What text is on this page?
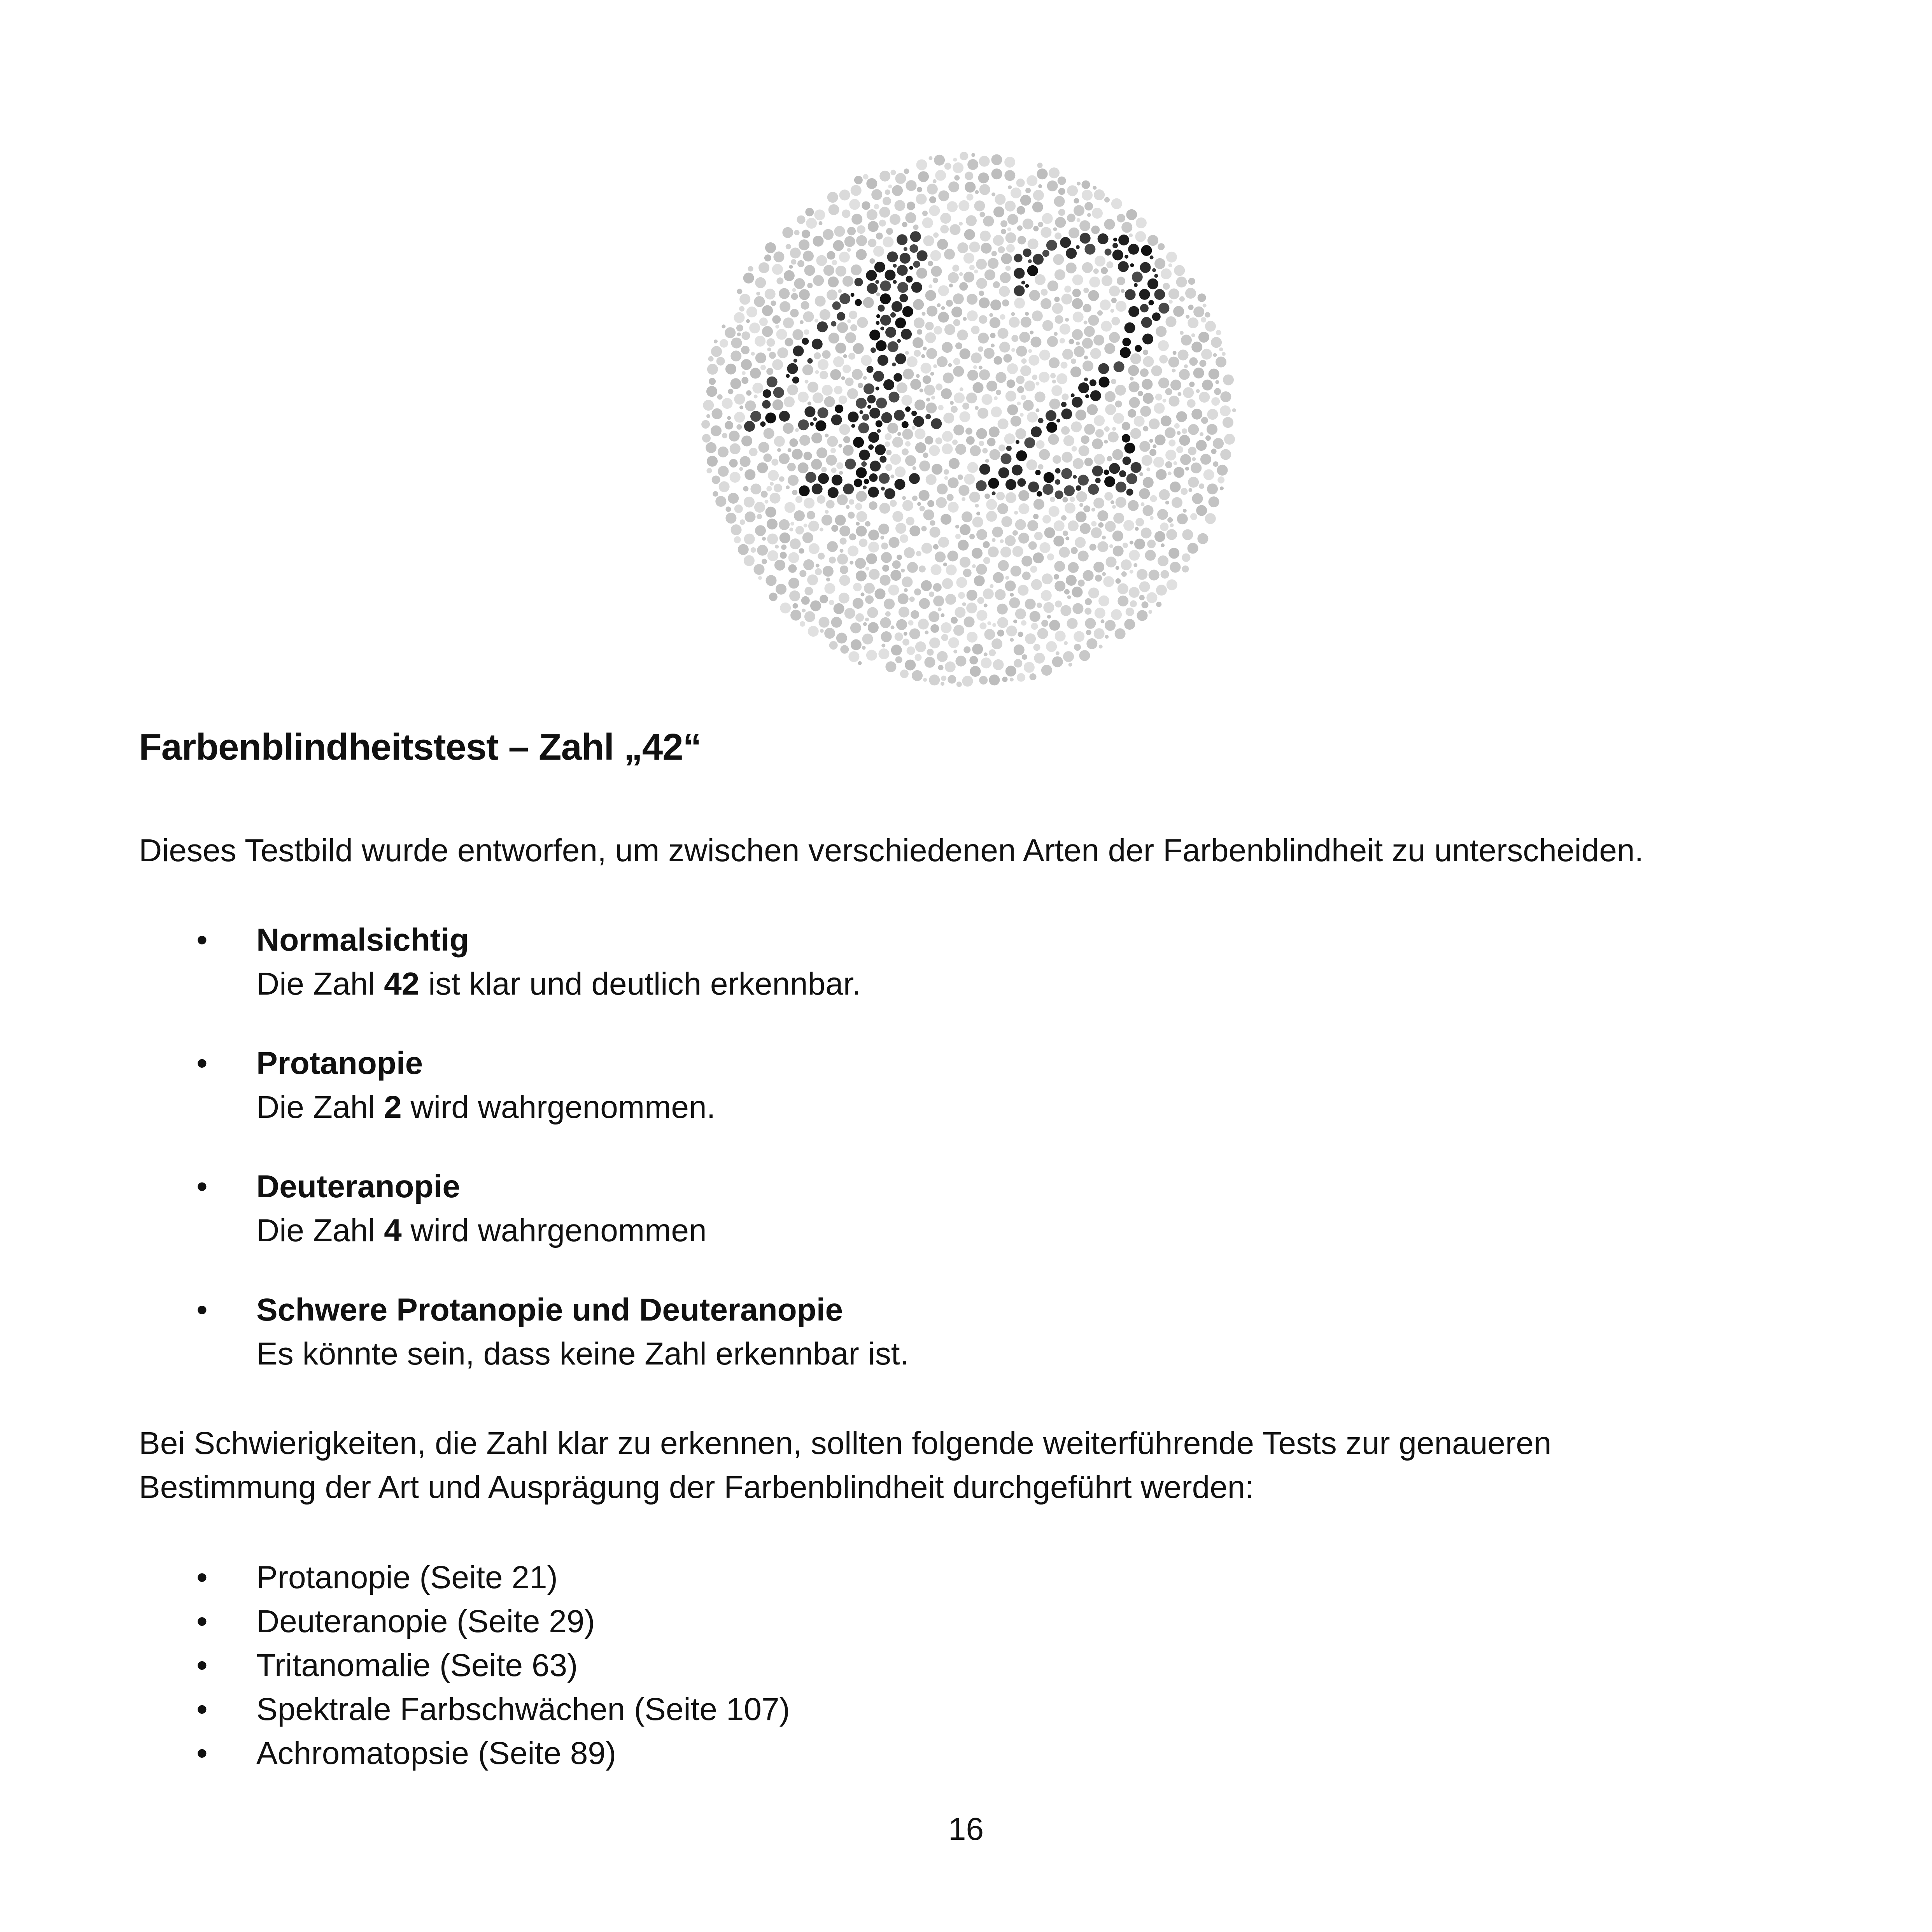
Farbenblindheitstest – Zahl „42“

Dieses Testbild wurde entworfen, um zwischen verschiedenen Arten der Farbenblindheit zu unterscheiden.

• Normalsichtig
Die Zahl 42 ist klar und deutlich erkennbar.
• Protanopie
Die Zahl 2 wird wahrgenommen.
• Deuteranopie
Die Zahl 4 wird wahrgenommen
• Schwere Protanopie und Deuteranopie
Es könnte sein, dass keine Zahl erkennbar ist.

Bei Schwierigkeiten, die Zahl klar zu erkennen, sollten folgende weiterführende Tests zur genaueren
Bestimmung der Art und Ausprägung der Farbenblindheit durchgeführt werden:

• Protanopie (Seite 21)
• Deuteranopie (Seite 29)
• Tritanomalie (Seite 63)
• Spektrale Farbschwächen (Seite 107)
• Achromatopsie (Seite 89)

16
